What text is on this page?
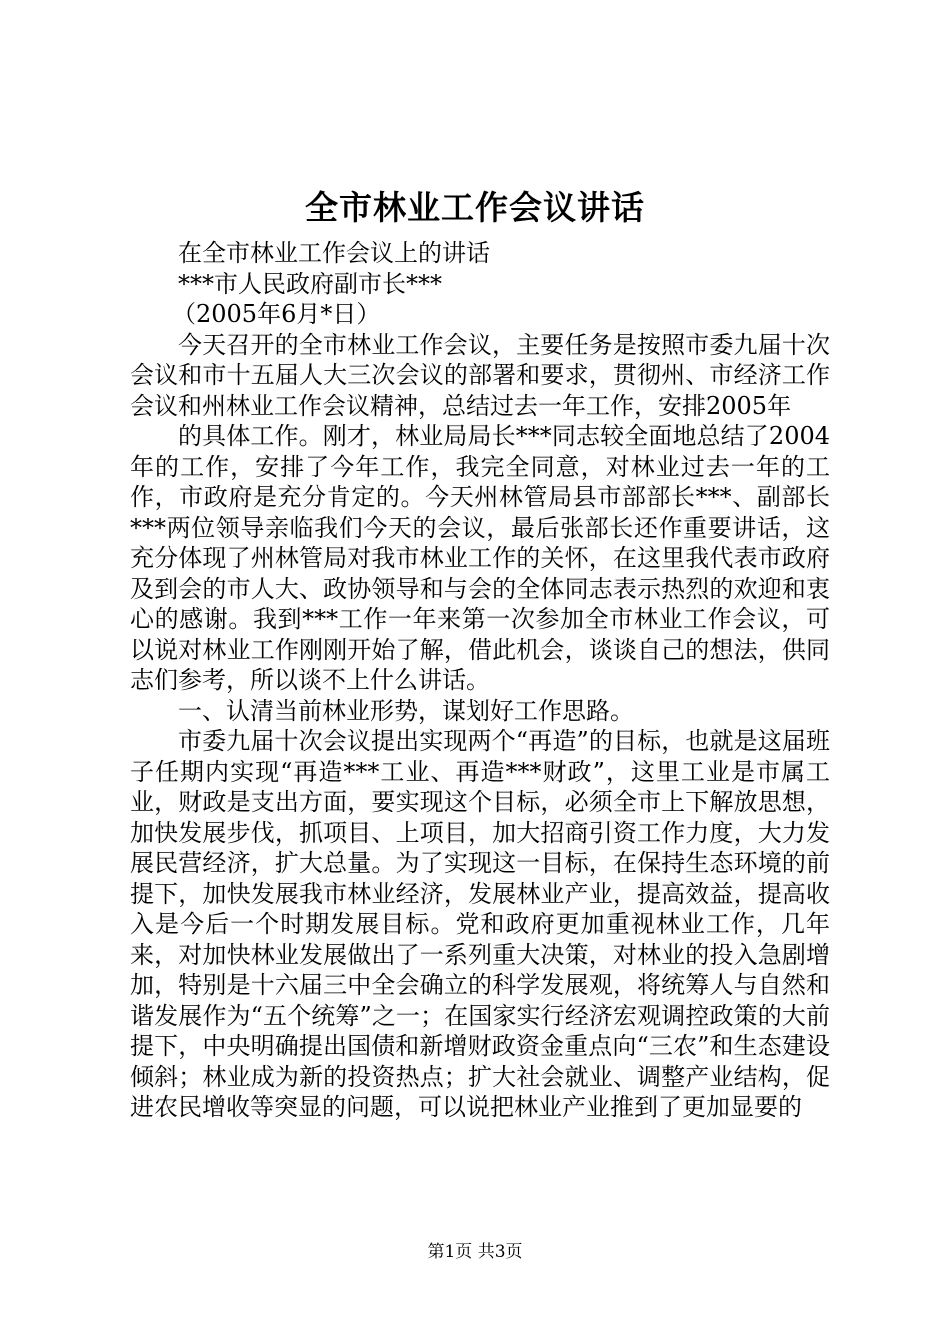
全市林业工作会议讲话

在全市林业工作会议上的讲话

***市人民政府副市长***

（2005年6月*日）

今天召开的全市林业工作会议，主要任务是按照市委九届十次会议和市十五届人大三次会议的部署和要求，贯彻州、市经济工作会议和州林业工作会议精神，总结过去一年工作，安排2005年

的具体工作。刚才，林业局局长***同志较全面地总结了2004年的工作，安排了今年工作，我完全同意，对林业过去一年的工作，市政府是充分肯定的。今天州林管局县市部部长***、副部长***两位领导亲临我们今天的会议，最后张部长还作重要讲话，这充分体现了州林管局对我市林业工作的关怀，在这里我代表市政府及到会的市人大、政协领导和与会的全体同志表示热烈的欢迎和衷心的感谢。我到***工作一年来第一次参加全市林业工作会议，可以说对林业工作刚刚开始了解，借此机会，谈谈自己的想法，供同志们参考，所以谈不上什么讲话。

一、认清当前林业形势，谋划好工作思路。

市委九届十次会议提出实现两个“再造”的目标，也就是这届班子任期内实现“再造***工业、再造***财政”，这里工业是市属工业，财政是支出方面，要实现这个目标，必须全市上下解放思想，加快发展步伐，抓项目、上项目，加大招商引资工作力度，大力发展民营经济，扩大总量。为了实现这一目标，在保持生态环境的前提下，加快发展我市林业经济，发展林业产业，提高效益，提高收入是今后一个时期发展目标。党和政府更加重视林业工作，几年来，对加快林业发展做出了一系列重大决策，对林业的投入急剧增加，特别是十六届三中全会确立的科学发展观，将统筹人与自然和谐发展作为“五个统筹”之一；在国家实行经济宏观调控政策的大前提下，中央明确提出国债和新增财政资金重点向“三农”和生态建设倾斜；林业成为新的投资热点；扩大社会就业、调整产业结构，促进农民增收等突显的问题，可以说把林业产业推到了更加显要的

第1页 共3页
